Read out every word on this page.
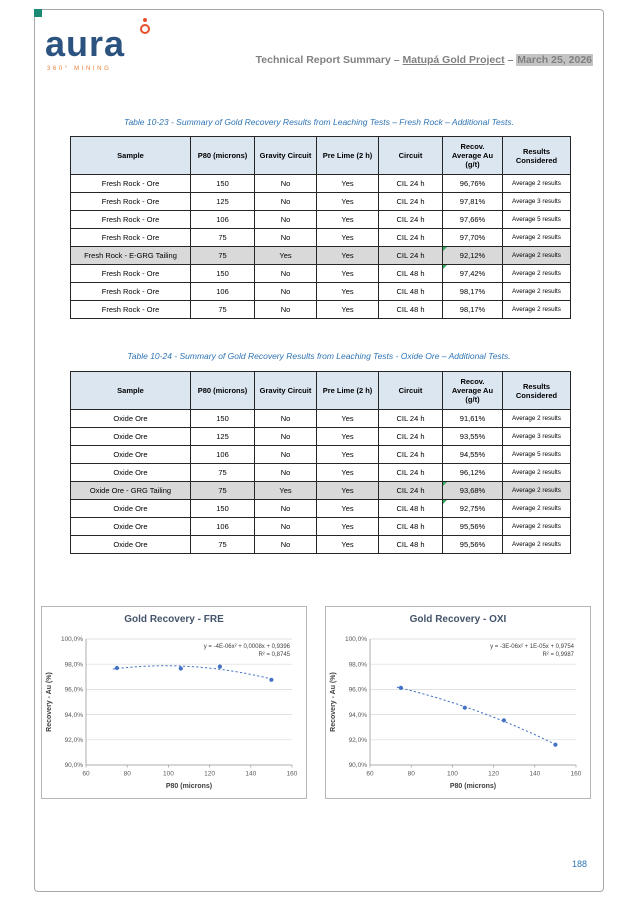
aura
360° MINING
Technical Report Summary – Matupá Gold Project – March 25, 2026
Table 10-23 - Summary of Gold Recovery Results from Leaching Tests – Fresh Rock – Additional Tests.
Sample	P80 (microns)	Gravity Circuit	Pre Lime (2 h)	Circuit	Recov. Average Au (g/t)	Results Considered
Fresh Rock - Ore	150	No	Yes	CIL 24 h	96,76%	Average 2 results
Fresh Rock - Ore	125	No	Yes	CIL 24 h	97,81%	Average 3 results
Fresh Rock - Ore	106	No	Yes	CIL 24 h	97,66%	Average 5 results
Fresh Rock - Ore	75	No	Yes	CIL 24 h	97,70%	Average 2 results
Fresh Rock - E-GRG Tailing	75	Yes	Yes	CIL 24 h	92,12%	Average 2 results
Fresh Rock - Ore	150	No	Yes	CIL 48 h	97,42%	Average 2 results
Fresh Rock - Ore	106	No	Yes	CIL 48 h	98,17%	Average 2 results
Fresh Rock - Ore	75	No	Yes	CIL 48 h	98,17%	Average 2 results
Table 10-24 - Summary of Gold Recovery Results from Leaching Tests - Oxide Ore – Additional Tests.
Sample	P80 (microns)	Gravity Circuit	Pre Lime (2 h)	Circuit	Recov. Average Au (g/t)	Results Considered
Oxide Ore	150	No	Yes	CIL 24 h	91,61%	Average 2 results
Oxide Ore	125	No	Yes	CIL 24 h	93,55%	Average 3 results
Oxide Ore	106	No	Yes	CIL 24 h	94,55%	Average 5 results
Oxide Ore	75	No	Yes	CIL 24 h	96,12%	Average 2 results
Oxide Ore - GRG Tailing	75	Yes	Yes	CIL 24 h	93,68%	Average 2 results
Oxide Ore	150	No	Yes	CIL 48 h	92,75%	Average 2 results
Oxide Ore	106	No	Yes	CIL 48 h	95,56%	Average 2 results
Oxide Ore	75	No	Yes	CIL 48 h	95,56%	Average 2 results
Gold Recovery - FRE
90,0%
92,0%
94,0%
96,0%
98,0%
100,0%
60	80	100	120	140	160
y = -4E-06x² + 0,0008x + 0,9396
R² = 0,8745
P80 (microns)
Recovery - Au (%)
Gold Recovery - OXI
90,0%
92,0%
94,0%
96,0%
98,0%
100,0%
60	80	100	120	140	160
y = -3E-06x² + 1E-05x + 0,9754
R² = 0,9987
P80 (microns)
Recovery - Au (%)
188
